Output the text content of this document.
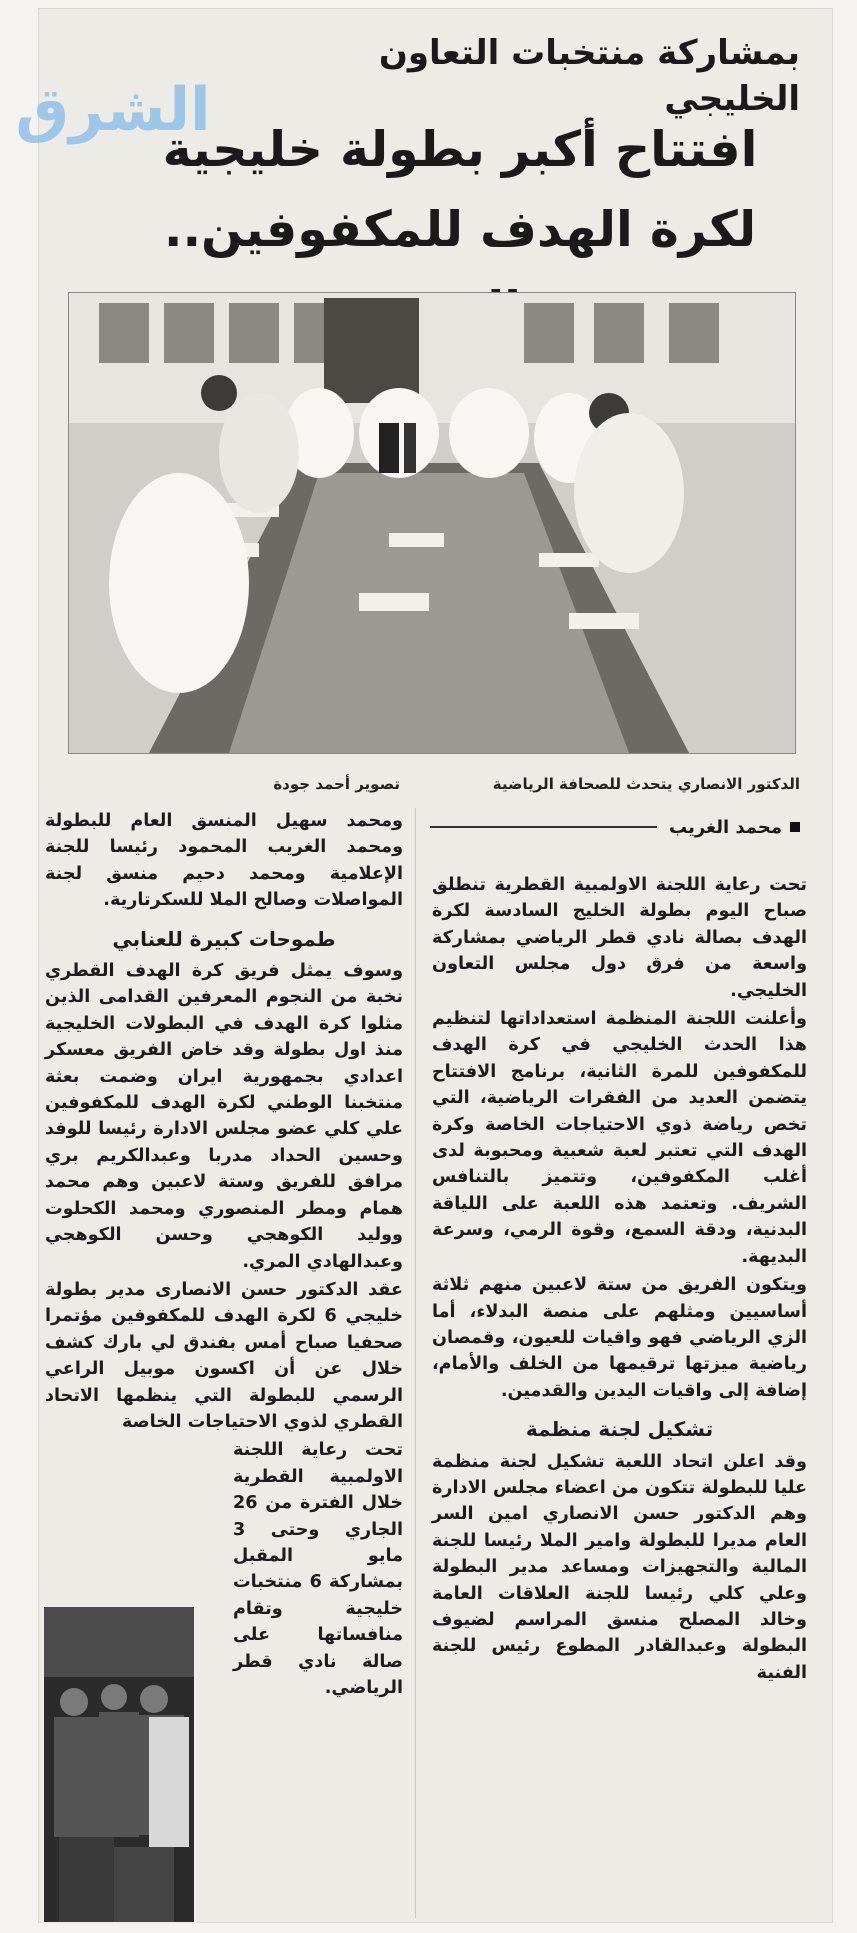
الشرق
بمشاركة منتخبات التعاون الخليجي
افتتاح أكبر بطولة خليجية
لكرة الهدف للمكفوفين..
الدكتور الانصاري يتحدث للصحافة الرياضية
تصوير أحمد جودة
محمد الغريب

تحت رعاية اللجنة الاولمبية القطرية تنطلق صباح اليوم بطولة الخليج السادسة لكرة الهدف بصالة نادي قطر الرياضي بمشاركة واسعة من فرق دول مجلس التعاون الخليجي.

وأعلنت اللجنة المنظمة استعداداتها لتنظيم هذا الحدث الخليجي في كرة الهدف للمكفوفين للمرة الثانية، برنامج الافتتاح يتضمن العديد من الفقرات الرياضية، التي تخص رياضة ذوي الاحتياجات الخاصة وكرة الهدف التي تعتبر لعبة شعبية ومحبوبة لدى أغلب المكفوفين، وتتميز بالتنافس الشريف. وتعتمد هذه اللعبة على اللياقة البدنية، ودقة السمع، وقوة الرمي، وسرعة البديهة.

ويتكون الفريق من ستة لاعبين منهم ثلاثة أساسيين ومثلهم على منصة البدلاء، أما الزي الرياضي فهو واقيات للعيون، وقمصان رياضية ميزتها ترقيمها من الخلف والأمام، إضافة إلى واقيات اليدين والقدمين.

تشكيل لجنة منظمة

وقد اعلن اتحاد اللعبة تشكيل لجنة منظمة عليا للبطولة تتكون من اعضاء مجلس الادارة وهم الدكتور حسن الانصاري امين السر العام مديرا للبطولة وامير الملا رئيسا للجنة المالية والتجهيزات ومساعد مدير البطولة وعلي كلي رئيسا للجنة العلاقات العامة وخالد المصلح منسق المراسم لضيوف البطولة وعبدالقادر المطوع رئيس للجنة الفنية

ومحمد سهيل المنسق العام للبطولة ومحمد الغريب المحمود رئيسا للجنة الإعلامية ومحمد دحيم منسق لجنة المواصلات وصالح الملا للسكرتارية.

طموحات كبيرة للعنابي

وسوف يمثل فريق كرة الهدف القطري نخبة من النجوم المعرفين القدامى الذين مثلوا كرة الهدف في البطولات الخليجية منذ اول بطولة وقد خاض الفريق معسكر اعدادي بجمهورية ايران وضمت بعثة منتخبنا الوطني لكرة الهدف للمكفوفين علي كلي عضو مجلس الادارة رئيسا للوفد وحسين الحداد مدربا وعبدالكريم بري مرافق للفريق وستة لاعبين وهم محمد همام ومطر المنصوري ومحمد الكحلوت ووليد الكوهجي وحسن الكوهجي وعبدالهادي المري.

عقد الدكتور حسن الانصارى مدير بطولة خليجي 6 لكرة الهدف للمكفوفين مؤتمرا صحفيا صباح أمس بفندق لي بارك كشف خلال عن أن اكسون موبيل الراعي الرسمي للبطولة التي ينظمها الاتحاد القطري لذوي الاحتياجات الخاصة

تحت رعاية اللجنة الاولمبية القطرية خلال الفترة من 26 الجاري وحتى 3 مايو المقبل بمشاركة 6 منتخبات خليجية وتقام منافساتها على صالة نادي قطر الرياضي.
